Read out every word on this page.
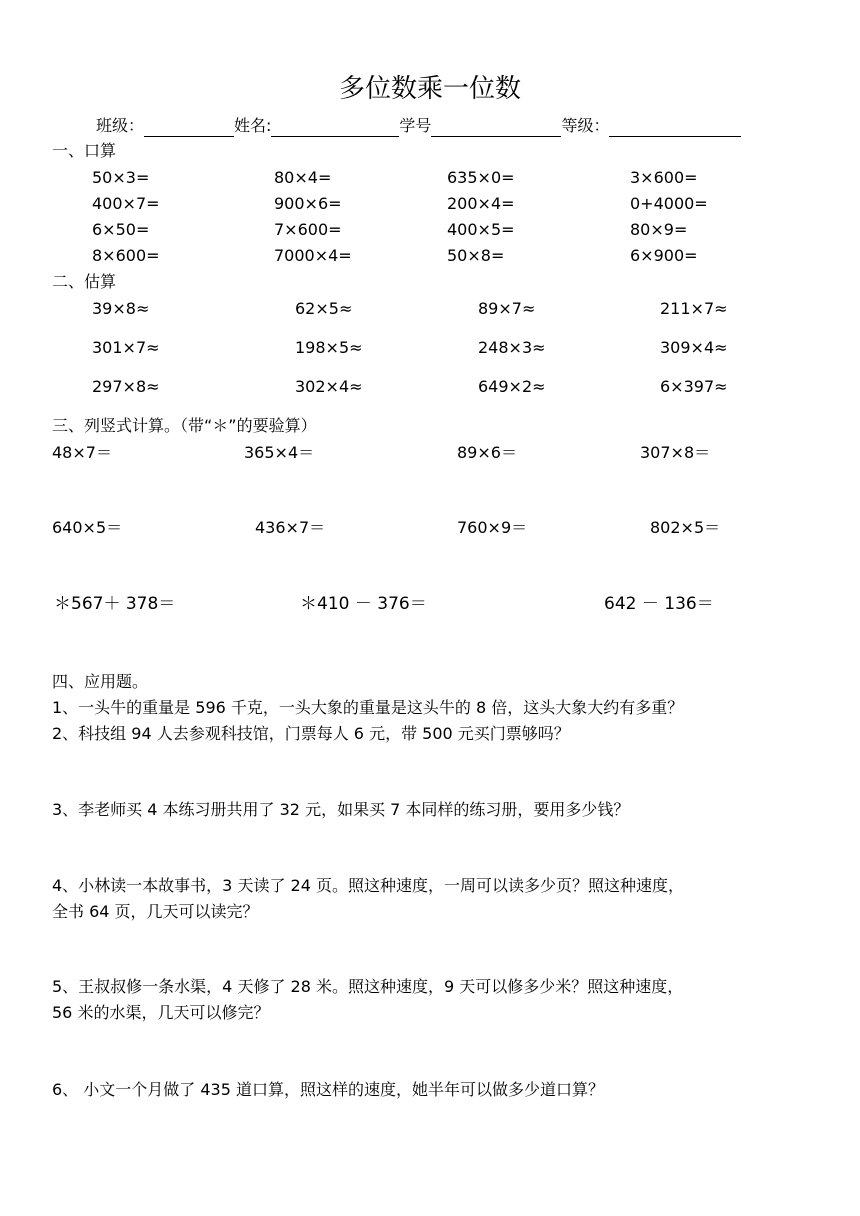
多位数乘一位数
班级：	姓名:	学号	等级：
一、口算
50×3=	80×4=	635×0=	3×600=
400×7=	900×6=	200×4=	0+4000=
6×50=	7×600=	400×5=	80×9=
8×600=	7000×4=	50×8=	6×900=
二、估算
39×8≈	62×5≈	89×7≈	211×7≈
301×7≈	198×5≈	248×3≈	309×4≈
297×8≈	302×4≈	649×2≈	6×397≈
三、列竖式计算。（带“＊”的要验算）
48×7＝	365×4＝	89×6＝	307×8＝
640×5＝	436×7＝	760×9＝	802×5＝
＊567＋ 378＝	＊410 － 376＝	642 － 136＝
四、应用题。
1、一头牛的重量是 596 千克，一头大象的重量是这头牛的 8 倍，这头大象大约有多重？
2、科技组 94 人去参观科技馆，门票每人 6 元，带 500 元买门票够吗？
3、李老师买 4 本练习册共用了 32 元，如果买 7 本同样的练习册，要用多少钱？
4、小林读一本故事书，3 天读了 24 页。照这种速度，一周可以读多少页？照这种速度，
全书 64 页，几天可以读完？
5、王叔叔修一条水渠，4 天修了 28 米。照这种速度，9 天可以修多少米？照这种速度，
56 米的水渠，几天可以修完？
6、 小文一个月做了 435 道口算，照这样的速度，她半年可以做多少道口算？
